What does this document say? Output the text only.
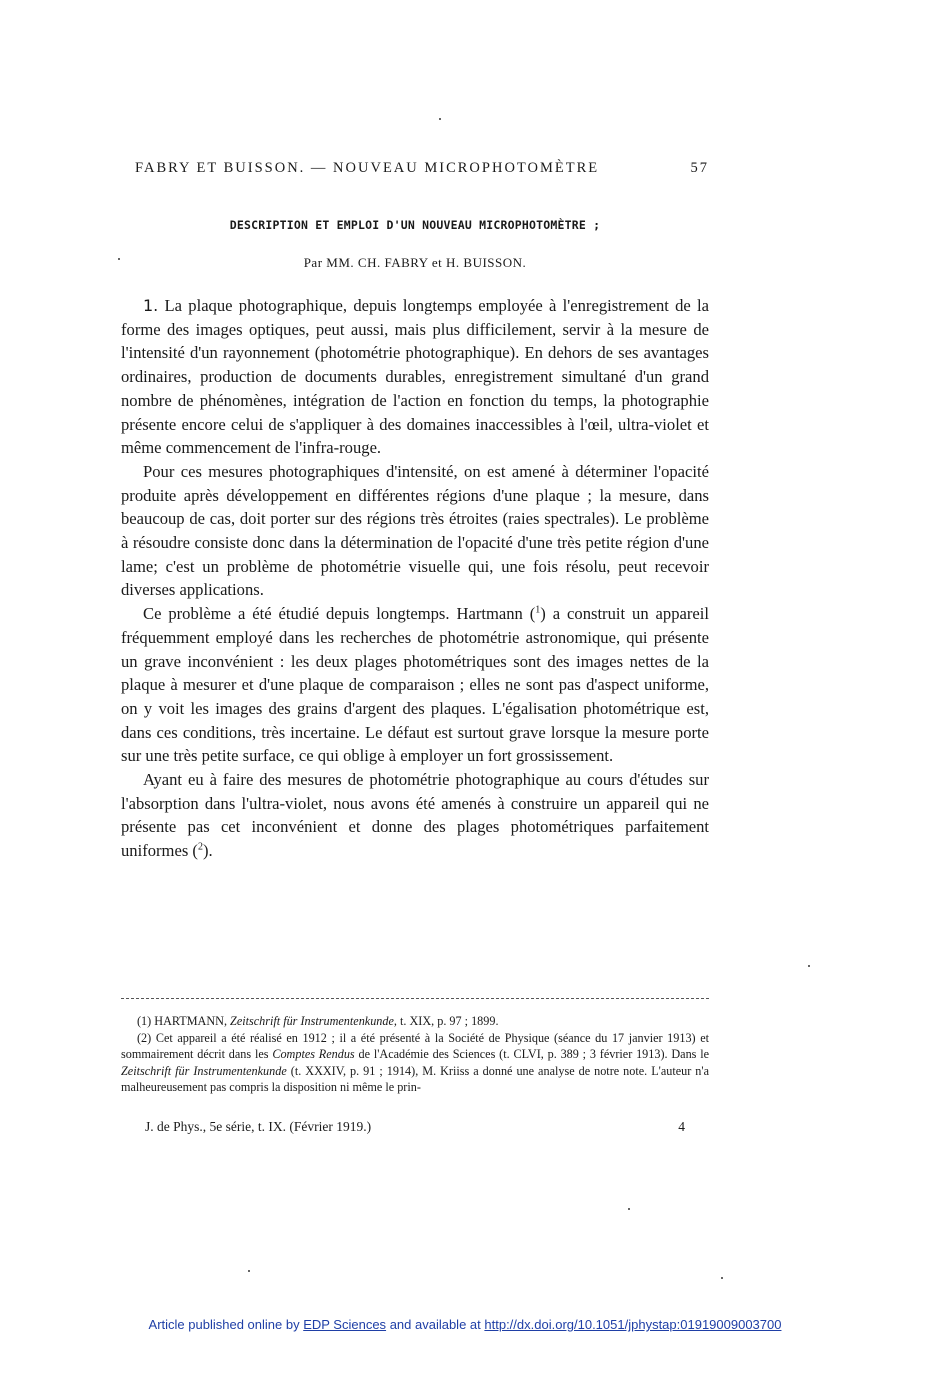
FABRY ET BUISSON. — NOUVEAU MICROPHOTOMÈTRE	57
DESCRIPTION ET EMPLOI D'UN NOUVEAU MICROPHOTOMÈTRE ;
Par MM. CH. FABRY et H. BUISSON.

1. La plaque photographique, depuis longtemps employée à l'enregistrement de la forme des images optiques, peut aussi, mais plus difficilement, servir à la mesure de l'intensité d'un rayonnement (photométrie photographique). En dehors de ses avantages ordinaires, production de documents durables, enregistrement simultané d'un grand nombre de phénomènes, intégration de l'action en fonction du temps, la photographie présente encore celui de s'appliquer à des domaines inaccessibles à l'œil, ultra-violet et même commencement de l'infra-rouge.

Pour ces mesures photographiques d'intensité, on est amené à déterminer l'opacité produite après développement en différentes régions d'une plaque ; la mesure, dans beaucoup de cas, doit porter sur des régions très étroites (raies spectrales). Le problème à résoudre consiste donc dans la détermination de l'opacité d'une très petite région d'une lame; c'est un problème de photométrie visuelle qui, une fois résolu, peut recevoir diverses applications.

Ce problème a été étudié depuis longtemps. Hartmann ($^1$) a construit un appareil fréquemment employé dans les recherches de photométrie astronomique, qui présente un grave inconvénient : les deux plages photométriques sont des images nettes de la plaque à mesurer et d'une plaque de comparaison ; elles ne sont pas d'aspect uniforme, on y voit les images des grains d'argent des plaques. L'égalisation photométrique est, dans ces conditions, très incertaine. Le défaut est surtout grave lorsque la mesure porte sur une très petite surface, ce qui oblige à employer un fort grossissement.

Ayant eu à faire des mesures de photométrie photographique au cours d'études sur l'absorption dans l'ultra-violet, nous avons été amenés à construire un appareil qui ne présente pas cet inconvénient et donne des plages photométriques parfaitement uniformes ($^2$).

(1) HARTMANN, Zeitschrift für Instrumentenkunde, t. XIX, p. 97 ; 1899.

(2) Cet appareil a été réalisé en 1912 ; il a été présenté à la Société de Physique (séance du 17 janvier 1913) et sommairement décrit dans les Comptes Rendus de l'Académie des Sciences (t. CLVI, p. 389 ; 3 février 1913). Dans le Zeitschrift für Instrumentenkunde (t. XXXIV, p. 91 ; 1914), M. Kriiss a donné une analyse de notre note. L'auteur n'a malheureusement pas compris la disposition ni même le prin-

J. de Phys., 5e série, t. IX. (Février 1919.)	4
Article published online by EDP Sciences and available at http://dx.doi.org/10.1051/jphystap:01919009003700
